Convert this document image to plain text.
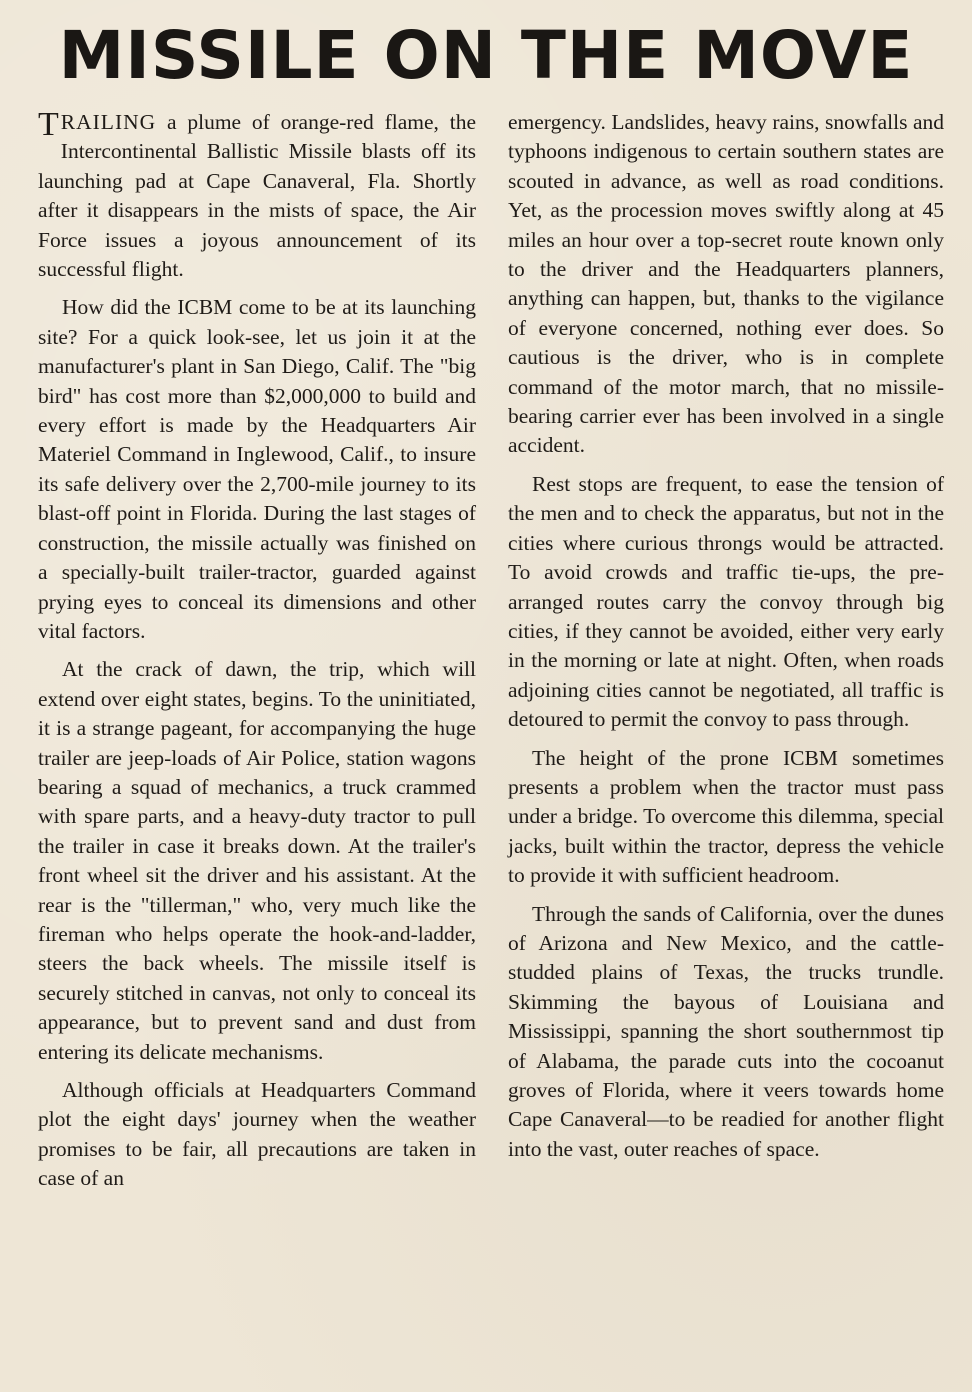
MISSILE ON THE MOVE

TRAILING a plume of orange-red flame, the Intercontinental Ballistic Missile blasts off its launching pad at Cape Canaveral, Fla. Shortly after it disappears in the mists of space, the Air Force issues a joyous announcement of its successful flight.

How did the ICBM come to be at its launching site? For a quick look-see, let us join it at the manufacturer's plant in San Diego, Calif. The "big bird" has cost more than $2,000,000 to build and every effort is made by the Headquarters Air Materiel Command in Inglewood, Calif., to insure its safe delivery over the 2,700-mile journey to its blast-off point in Florida. During the last stages of construction, the missile actually was finished on a specially-built trailer-tractor, guarded against prying eyes to conceal its dimensions and other vital factors.

At the crack of dawn, the trip, which will extend over eight states, begins. To the uninitiated, it is a strange pageant, for accompanying the huge trailer are jeep-loads of Air Police, station wagons bearing a squad of mechanics, a truck crammed with spare parts, and a heavy-duty tractor to pull the trailer in case it breaks down. At the trailer's front wheel sit the driver and his assistant. At the rear is the "tillerman," who, very much like the fireman who helps operate the hook-and-ladder, steers the back wheels. The missile itself is securely stitched in canvas, not only to conceal its appearance, but to prevent sand and dust from entering its delicate mechanisms.

Although officials at Headquarters Command plot the eight days' journey when the weather promises to be fair, all precautions are taken in case of an

emergency. Landslides, heavy rains, snowfalls and typhoons indigenous to certain southern states are scouted in advance, as well as road conditions. Yet, as the procession moves swiftly along at 45 miles an hour over a top-secret route known only to the driver and the Headquarters planners, anything can happen, but, thanks to the vigilance of everyone concerned, nothing ever does. So cautious is the driver, who is in complete command of the motor march, that no missile-bearing carrier ever has been involved in a single accident.

Rest stops are frequent, to ease the tension of the men and to check the apparatus, but not in the cities where curious throngs would be attracted. To avoid crowds and traffic tie-ups, the pre-arranged routes carry the convoy through big cities, if they cannot be avoided, either very early in the morning or late at night. Often, when roads adjoining cities cannot be negotiated, all traffic is detoured to permit the convoy to pass through.

The height of the prone ICBM sometimes presents a problem when the tractor must pass under a bridge. To overcome this dilemma, special jacks, built within the tractor, depress the vehicle to provide it with sufficient headroom.

Through the sands of California, over the dunes of Arizona and New Mexico, and the cattle-studded plains of Texas, the trucks trundle. Skimming the bayous of Louisiana and Mississippi, spanning the short southernmost tip of Alabama, the parade cuts into the cocoanut groves of Florida, where it veers towards home Cape Canaveral—to be readied for another flight into the vast, outer reaches of space.
